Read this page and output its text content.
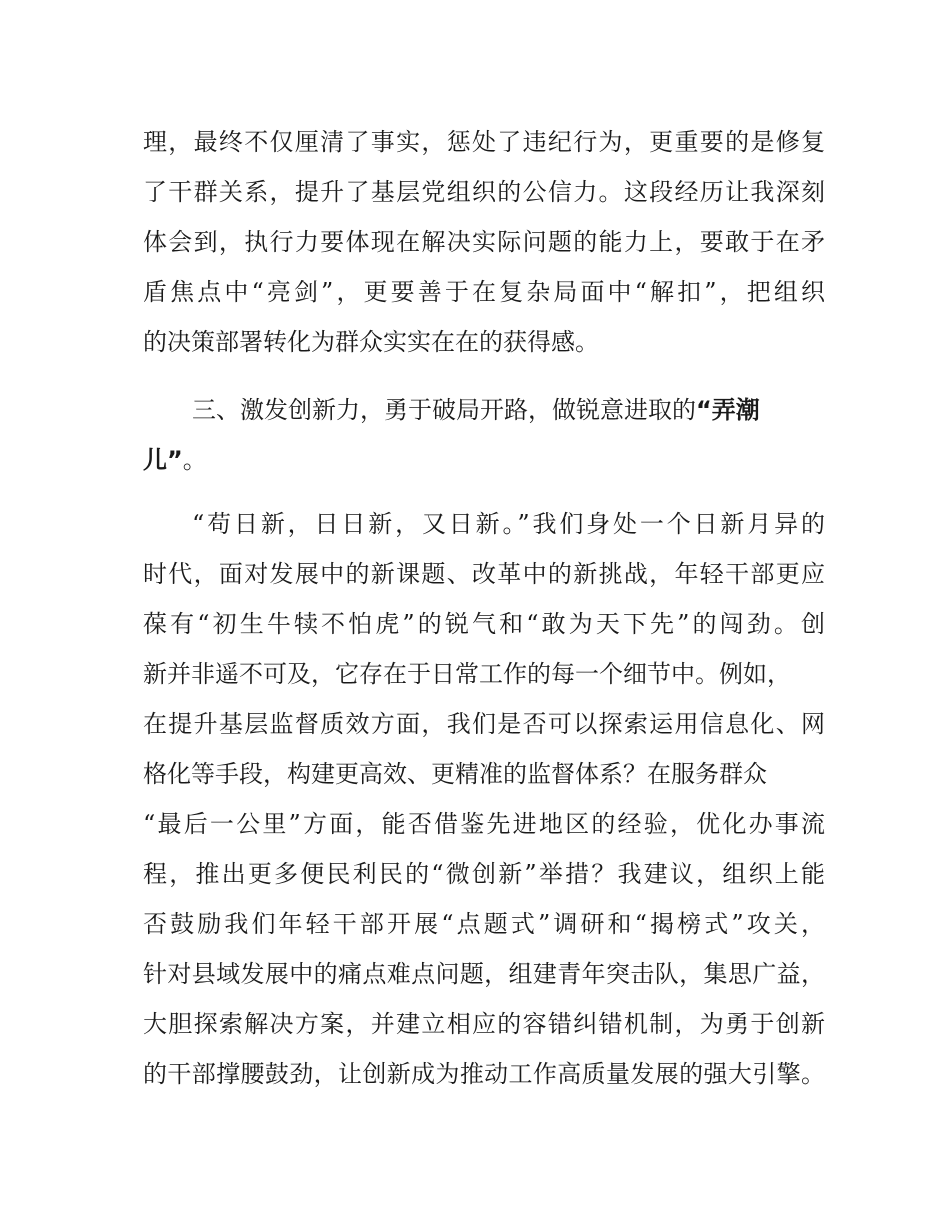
理，最终不仅厘清了事实，惩处了违纪行为，更重要的是修复
了干群关系，提升了基层党组织的公信力。这段经历让我深刻
体会到，执行力要体现在解决实际问题的能力上，要敢于在矛
盾焦点中“亮剑”，更要善于在复杂局面中“解扣”，把组织
的决策部署转化为群众实实在在的获得感。
三、激发创新力，勇于破局开路，做锐意进取的“弄潮
儿”。
“苟日新，日日新，又日新。”我们身处一个日新月异的
时代，面对发展中的新课题、改革中的新挑战，年轻干部更应
葆有“初生牛犊不怕虎”的锐气和“敢为天下先”的闯劲。创
新并非遥不可及，它存在于日常工作的每一个细节中。例如，
在提升基层监督质效方面，我们是否可以探索运用信息化、网
格化等手段，构建更高效、更精准的监督体系？在服务群众
“最后一公里”方面，能否借鉴先进地区的经验，优化办事流
程，推出更多便民利民的“微创新”举措？我建议，组织上能
否鼓励我们年轻干部开展“点题式”调研和“揭榜式”攻关，
针对县域发展中的痛点难点问题，组建青年突击队，集思广益，
大胆探索解决方案，并建立相应的容错纠错机制，为勇于创新
的干部撑腰鼓劲，让创新成为推动工作高质量发展的强大引擎。
